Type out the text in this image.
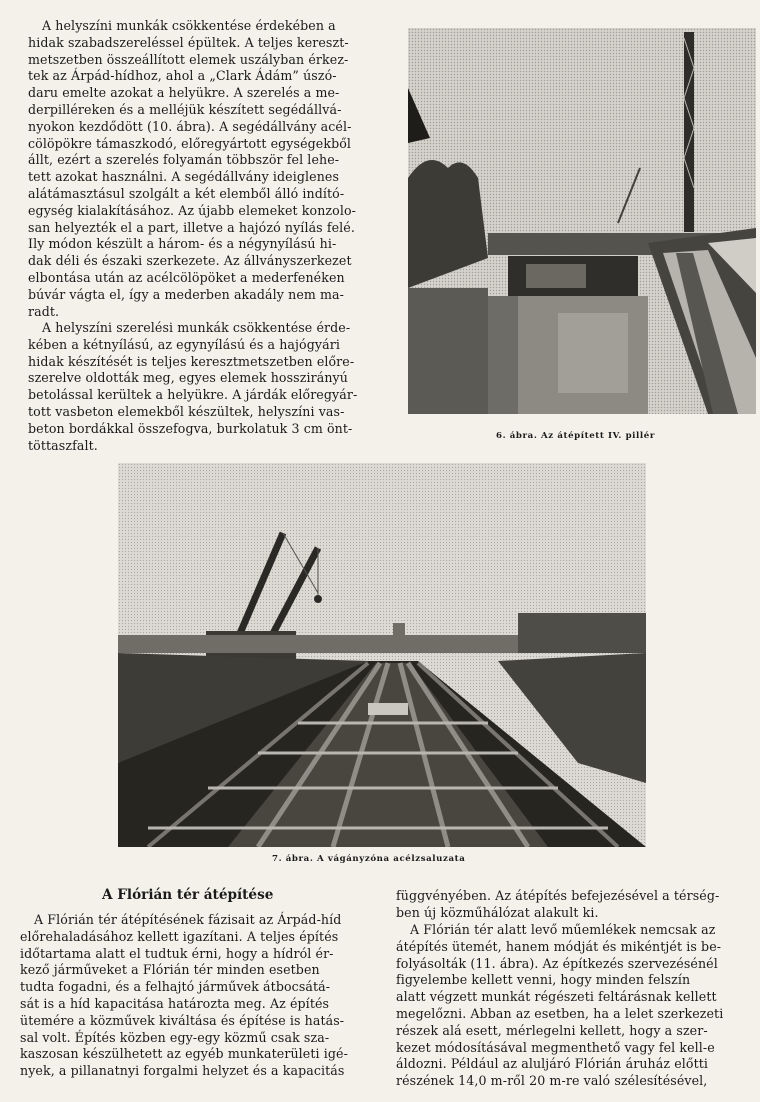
A helyszíni munkák csökkentése érdekében a
hidak szabadszereléssel épültek. A teljes kereszt-
metszetben összeállított elemek uszályban érkez-
tek az Árpád-hídhoz, ahol a „Clark Ádám” úszó-
daru emelte azokat a helyükre. A szerelés a me-
derpilléreken és a melléjük készített segédállvá-
nyokon kezdődött (10. ábra). A segédállvány acél-
cölöpökre támaszkodó, előregyártott egységekből
állt, ezért a szerelés folyamán többször fel lehe-
tett azokat használni. A segédállvány ideiglenes
alátámasztásul szolgált a két elemből álló indító-
egység kialakításához. Az újabb elemeket konzolo-
san helyezték el a part, illetve a hajózó nyílás felé.
Ily módon készült a három- és a négynyílású hi-
dak déli és északi szerkezete. Az állványszerkezet
elbontása után az acélcölöpöket a mederfenéken
búvár vágta el, így a mederben akadály nem ma-
radt.
A helyszíni szerelési munkák csökkentése érde-
kében a kétnyílású, az egynyílású és a hajógyári
hidak készítését is teljes keresztmetszetben előre-
szerelve oldották meg, egyes elemek hosszirányú
betolással kerültek a helyükre. A járdák előregyár-
tott vasbeton elemekből készültek, helyszíni vas-
beton bordákkal összefogva, burkolatuk 3 cm önt-
töttaszfalt.
6. ábra. Az átépített IV. pillér
7. ábra. A vágányzóna acélzsaluzata
A Flórián tér átépítése
A Flórián tér átépítésének fázisait az Árpád-híd
előrehaladásához kellett igazítani. A teljes építés
időtartama alatt el tudtuk érni, hogy a hídról ér-
kező járműveket a Flórián tér minden esetben
tudta fogadni, és a felhajtó járművek átbocsátá-
sát is a híd kapacitása határozta meg. Az építés
ütemére a közművek kiváltása és építése is hatás-
sal volt. Építés közben egy-egy közmű csak sza-
kaszosan készülhetett az egyéb munkaterületi igé-
nyek, a pillanatnyi forgalmi helyzet és a kapacitás
függvényében. Az átépítés befejezésével a térség-
ben új közműhálózat alakult ki.
A Flórián tér alatt levő műemlékek nemcsak az
átépítés ütemét, hanem módját és mikéntjét is be-
folyásolták (11. ábra). Az építkezés szervezésénél
figyelembe kellett venni, hogy minden felszín
alatt végzett munkát régészeti feltárásnak kellett
megelőzni. Abban az esetben, ha a lelet szerkezeti
részek alá esett, mérlegelni kellett, hogy a szer-
kezet módosításával megmenthető vagy fel kell-e
áldozni. Például az aluljáró Flórián áruház előtti
részének 14,0 m-ről 20 m-re való szélesítésével,
